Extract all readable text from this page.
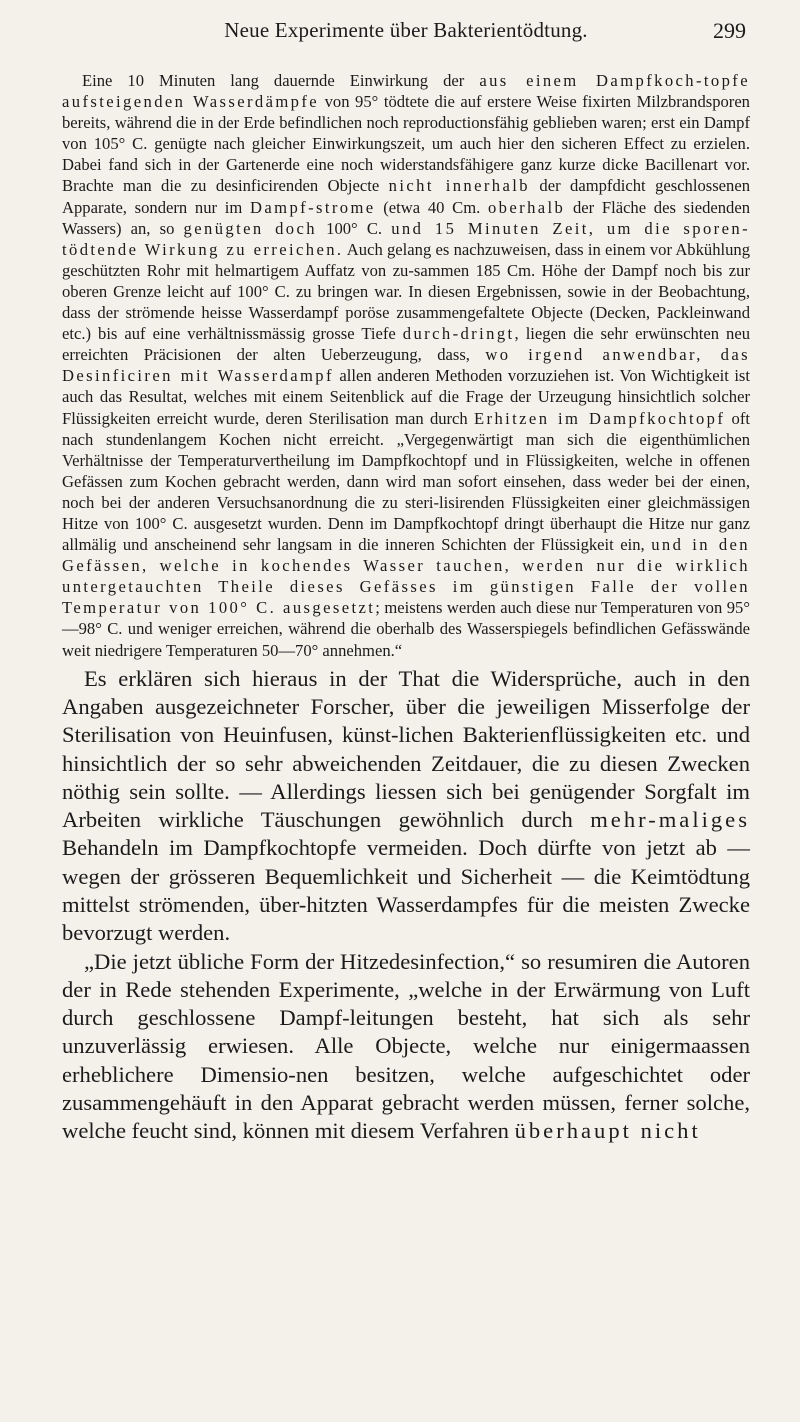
Neue Experimente über Bakterientödtung.	299

Eine 10 Minuten lang dauernde Einwirkung der aus einem Dampfkoch-topfe aufsteigenden Wasserdämpfe von 95° tödtete die auf erstere Weise fixirten Milzbrandsporen bereits, während die in der Erde befindlichen noch reproductionsfähig geblieben waren; erst ein Dampf von 105° C. genügte nach gleicher Einwirkungszeit, um auch hier den sicheren Effect zu erzielen. Dabei fand sich in der Gartenerde eine noch widerstandsfähigere ganz kurze dicke Bacillenart vor. Brachte man die zu desinficirenden Objecte nicht innerhalb der dampfdicht geschlossenen Apparate, sondern nur im Dampf-strome (etwa 40 Cm. oberhalb der Fläche des siedenden Wassers) an, so genügten doch 100° C. und 15 Minuten Zeit, um die sporen-tödtende Wirkung zu erreichen. Auch gelang es nachzuweisen, dass in einem vor Abkühlung geschützten Rohr mit helmartigem Auffatz von zu-sammen 185 Cm. Höhe der Dampf noch bis zur oberen Grenze leicht auf 100° C. zu bringen war. In diesen Ergebnissen, sowie in der Beobachtung, dass der strömende heisse Wasserdampf poröse zusammengefaltete Objecte (Decken, Packleinwand etc.) bis auf eine verhältnissmässig grosse Tiefe durch-dringt, liegen die sehr erwünschten neu erreichten Präcisionen der alten Ueberzeugung, dass, wo irgend anwendbar, das Desinficiren mit Wasserdampf allen anderen Methoden vorzuziehen ist. Von Wichtigkeit ist auch das Resultat, welches mit einem Seitenblick auf die Frage der Urzeugung hinsichtlich solcher Flüssigkeiten erreicht wurde, deren Sterilisation man durch Erhitzen im Dampfkochtopf oft nach stundenlangem Kochen nicht erreicht. „Vergegenwärtigt man sich die eigenthümlichen Verhältnisse der Temperaturvertheilung im Dampfkochtopf und in Flüssigkeiten, welche in offenen Gefässen zum Kochen gebracht werden, dann wird man sofort einsehen, dass weder bei der einen, noch bei der anderen Versuchsanordnung die zu steri-lisirenden Flüssigkeiten einer gleichmässigen Hitze von 100° C. ausgesetzt wurden. Denn im Dampfkochtopf dringt überhaupt die Hitze nur ganz allmälig und anscheinend sehr langsam in die inneren Schichten der Flüssigkeit ein, und in den Gefässen, welche in kochendes Wasser tauchen, werden nur die wirklich untergetauchten Theile dieses Gefässes im günstigen Falle der vollen Temperatur von 100° C. ausgesetzt; meistens werden auch diese nur Temperaturen von 95°—98° C. und weniger erreichen, während die oberhalb des Wasserspiegels befindlichen Gefässwände weit niedrigere Temperaturen 50—70° annehmen.“

Es erklären sich hieraus in der That die Widersprüche, auch in den Angaben ausgezeichneter Forscher, über die jeweiligen Misserfolge der Sterilisation von Heuinfusen, künst-lichen Bakterienflüssigkeiten etc. und hinsichtlich der so sehr abweichenden Zeitdauer, die zu diesen Zwecken nöthig sein sollte. — Allerdings liessen sich bei genügender Sorgfalt im Arbeiten wirkliche Täuschungen gewöhnlich durch mehr-maliges Behandeln im Dampfkochtopfe vermeiden. Doch dürfte von jetzt ab — wegen der grösseren Bequemlichkeit und Sicherheit — die Keimtödtung mittelst strömenden, über-hitzten Wasserdampfes für die meisten Zwecke bevorzugt werden.

„Die jetzt übliche Form der Hitzedesinfection,“ so resumiren die Autoren der in Rede stehenden Experimente, „welche in der Erwärmung von Luft durch geschlossene Dampf-leitungen besteht, hat sich als sehr unzuverlässig erwiesen. Alle Objecte, welche nur einigermaassen erheblichere Dimensio-nen besitzen, welche aufgeschichtet oder zusammengehäuft in den Apparat gebracht werden müssen, ferner solche, welche feucht sind, können mit diesem Verfahren überhaupt nicht
